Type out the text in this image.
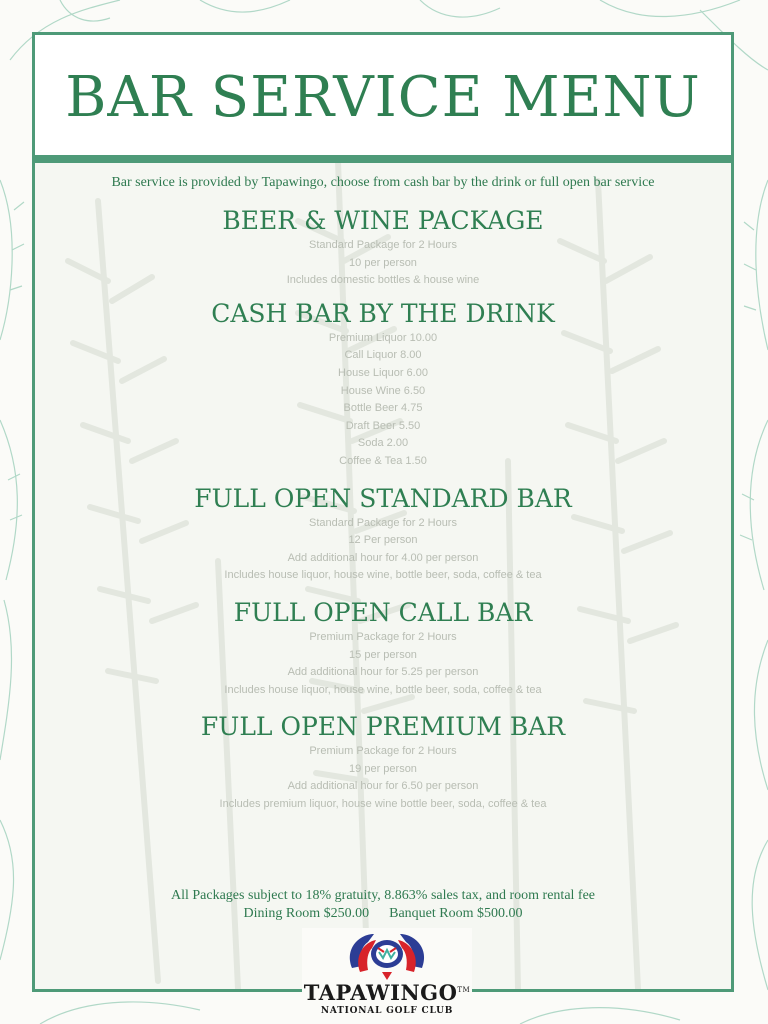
BAR SERVICE MENU

Bar service is provided by Tapawingo, choose from cash bar by the drink or full open bar service

BEER & WINE PACKAGE
Standard Package for 2 Hours
10 per person
Includes domestic bottles & house wine
CASH BAR BY THE DRINK
Premium Liquor 10.00
Call Liquor 8.00
House Liquor 6.00
House Wine 6.50
Bottle Beer 4.75
Draft Beer 5.50
Soda 2.00
Coffee & Tea 1.50
FULL OPEN STANDARD BAR
Standard Package for 2 Hours
12 Per person
Add additional hour for 4.00 per person
Includes house liquor, house wine, bottle beer, soda, coffee & tea
FULL OPEN CALL BAR
Premium Package for 2 Hours
15 per person
Add additional hour for 5.25 per person
Includes house liquor, house wine, bottle beer, soda, coffee & tea
FULL OPEN PREMIUM BAR
Premium Package for 2 Hours
19 per person
Add additional hour for 6.50 per person
Includes premium liquor, house wine bottle beer, soda, coffee & tea
All Packages subject to 18% gratuity, 8.863% sales tax, and room rental fee
Dining Room $250.00 Banquet Room $500.00
TAPAWINGO™
NATIONAL GOLF CLUB
